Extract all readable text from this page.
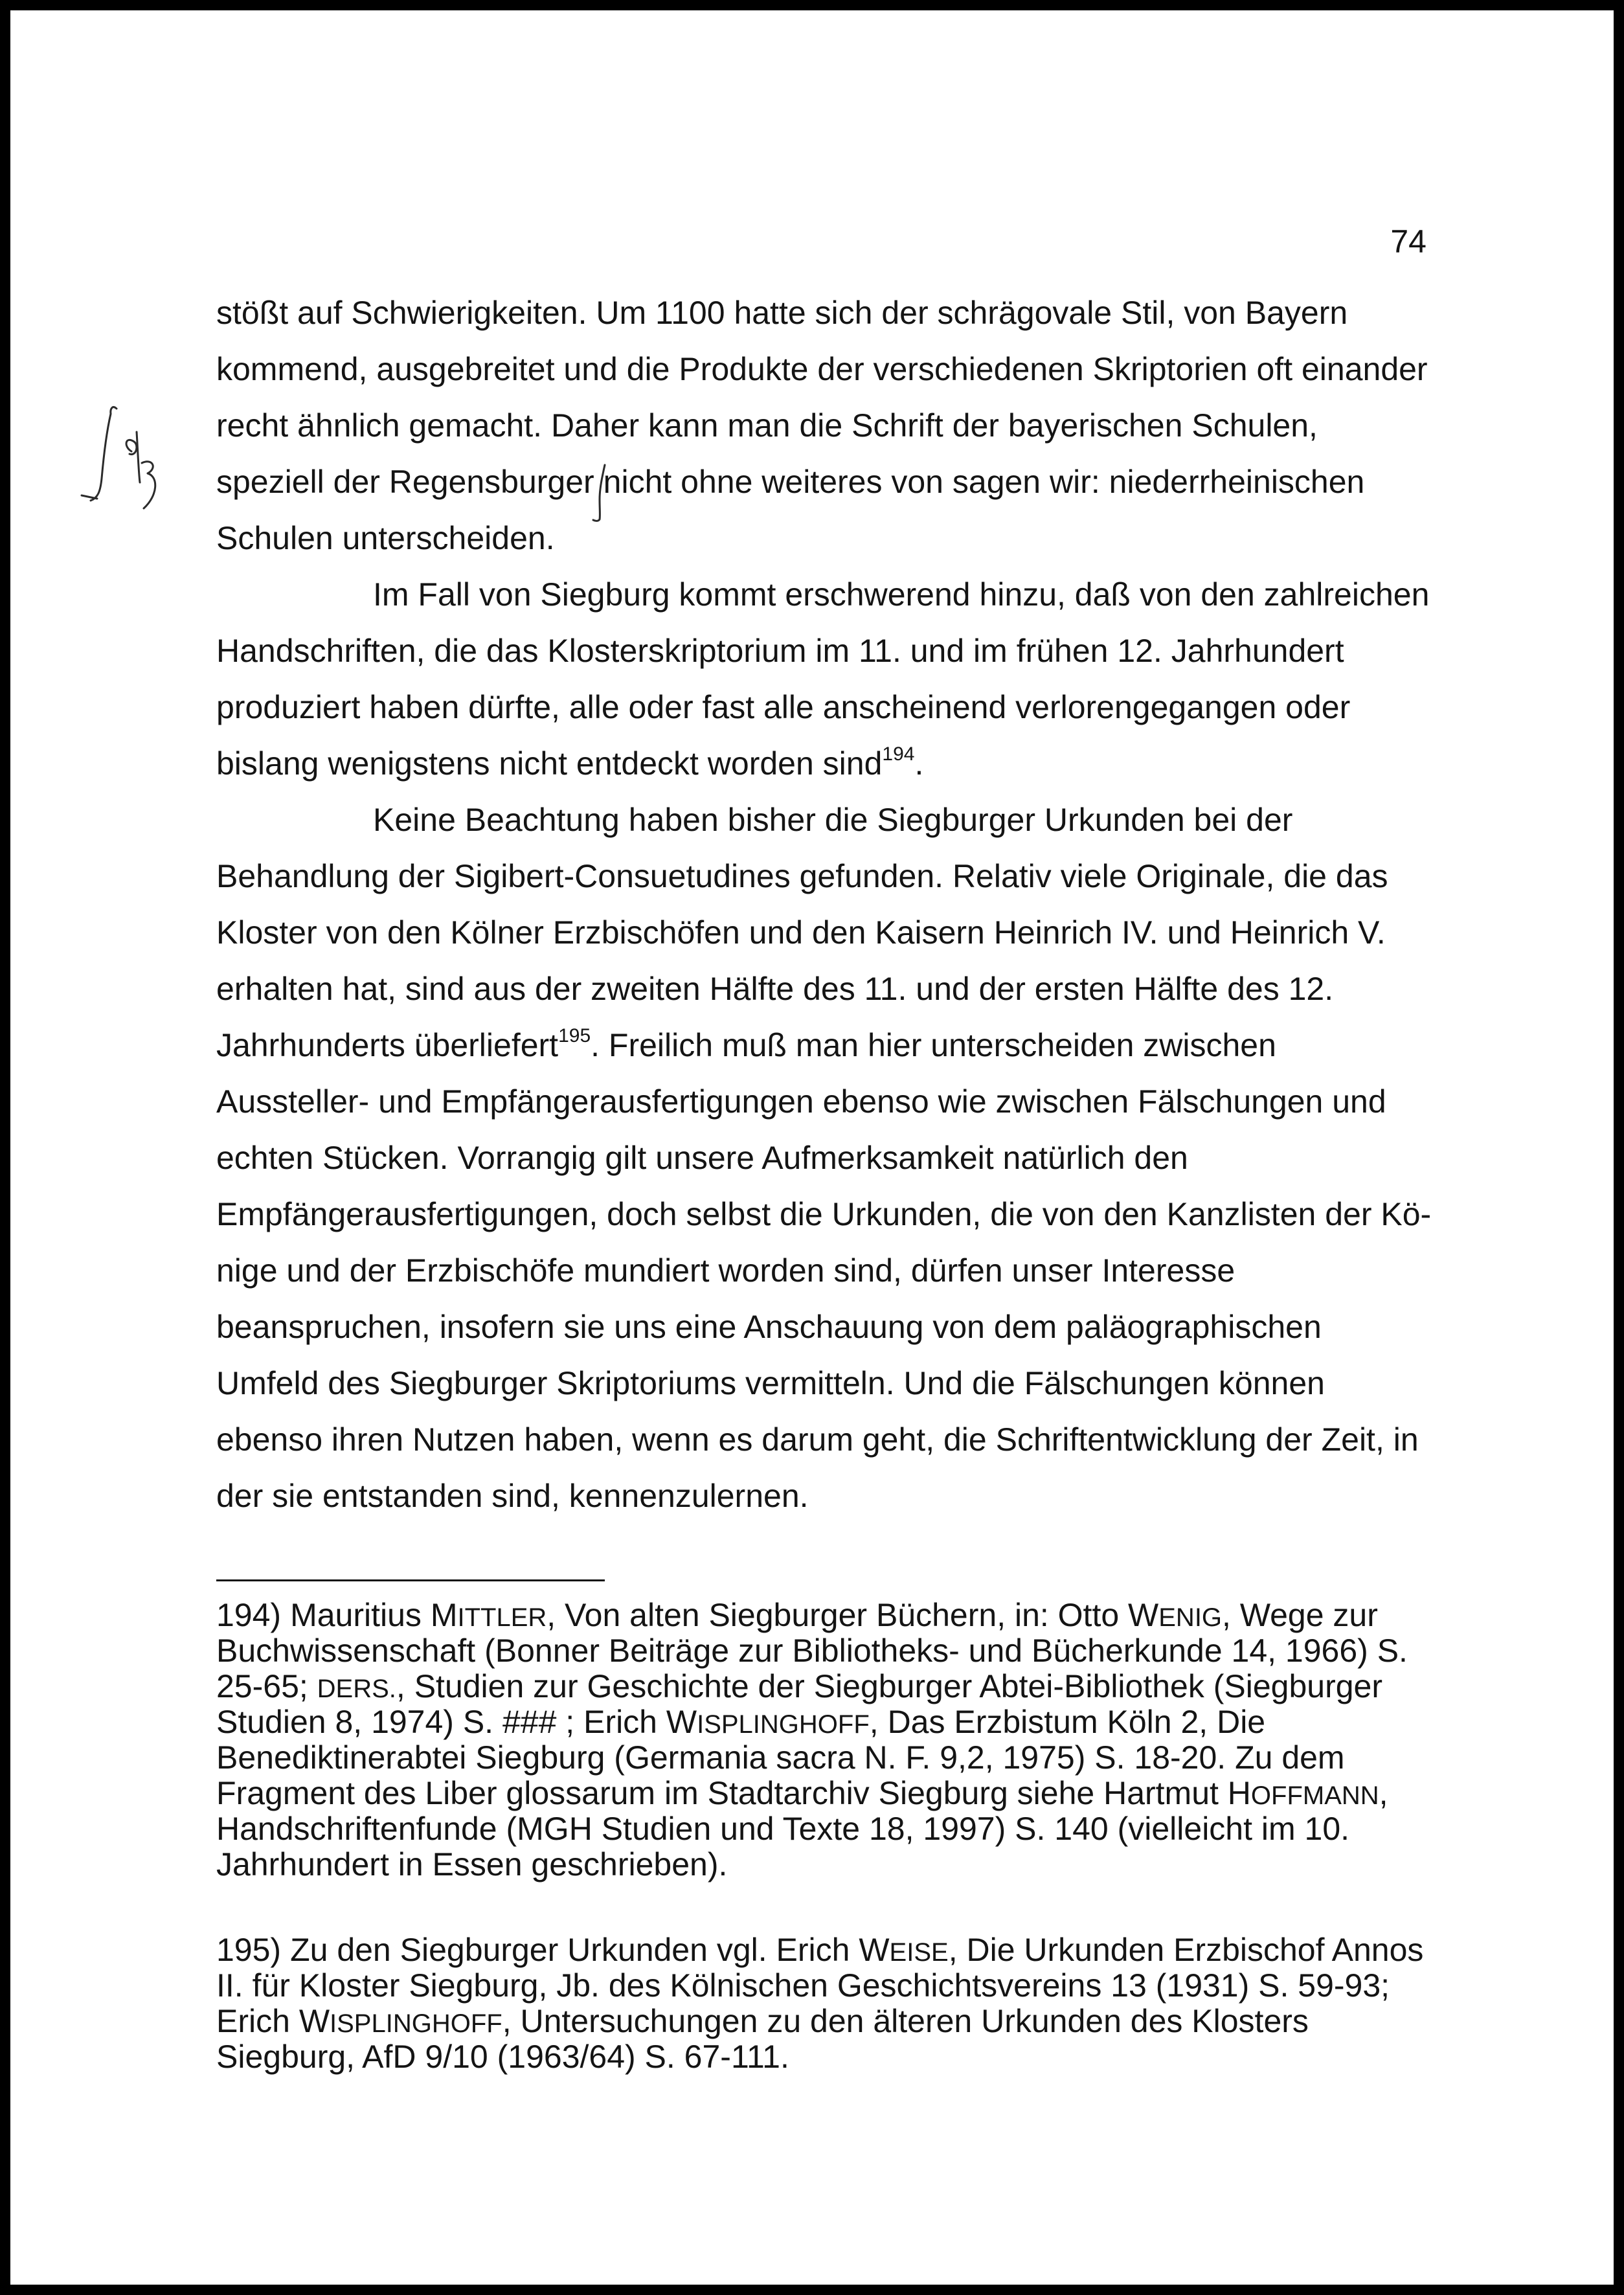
74
stößt auf Schwierigkeiten. Um 1100 hatte sich der schrägovale Stil, von Bayern
kommend, ausgebreitet und die Produkte der verschiedenen Skriptorien oft einander
recht ähnlich gemacht. Daher kann man die Schrift der bayerischen Schulen,
speziell der Regensburger nicht ohne weiteres von sagen wir: niederrheinischen
Schulen unterscheiden.
Im Fall von Siegburg kommt erschwerend hinzu, daß von den zahlreichen
Handschriften, die das Klosterskriptorium im 11. und im frühen 12. Jahrhundert
produziert haben dürfte, alle oder fast alle anscheinend verlorengegangen oder
bislang wenigstens nicht entdeckt worden sind$^{194}$.
Keine Beachtung haben bisher die Siegburger Urkunden bei der
Behandlung der Sigibert-Consuetudines gefunden. Relativ viele Originale, die das
Kloster von den Kölner Erzbischöfen und den Kaisern Heinrich IV. und Heinrich V.
erhalten hat, sind aus der zweiten Hälfte des 11. und der ersten Hälfte des 12.
Jahrhunderts überliefert$^{195}$. Freilich muß man hier unterscheiden zwischen
Aussteller- und Empfängerausfertigungen ebenso wie zwischen Fälschungen und
echten Stücken. Vorrangig gilt unsere Aufmerksamkeit natürlich den
Empfängerausfertigungen, doch selbst die Urkunden, die von den Kanzlisten der Kö-
nige und der Erzbischöfe mundiert worden sind, dürfen unser Interesse
beanspruchen, insofern sie uns eine Anschauung von dem paläographischen
Umfeld des Siegburger Skriptoriums vermitteln. Und die Fälschungen können
ebenso ihren Nutzen haben, wenn es darum geht, die Schriftentwicklung der Zeit, in
der sie entstanden sind, kennenzulernen.
194) Mauritius MITTLER, Von alten Siegburger Büchern, in: Otto WENIG, Wege zur
Buchwissenschaft (Bonner Beiträge zur Bibliotheks- und Bücherkunde 14, 1966) S.
25-65; DERS., Studien zur Geschichte der Siegburger Abtei-Bibliothek (Siegburger
Studien 8, 1974) S. ### ; Erich WISPLINGHOFF, Das Erzbistum Köln 2, Die
Benediktinerabtei Siegburg (Germania sacra N. F. 9,2, 1975) S. 18-20. Zu dem
Fragment des Liber glossarum im Stadtarchiv Siegburg siehe Hartmut HOFFMANN,
Handschriftenfunde (MGH Studien und Texte 18, 1997) S. 140 (vielleicht im 10.
Jahrhundert in Essen geschrieben).
195) Zu den Siegburger Urkunden vgl. Erich WEISE, Die Urkunden Erzbischof Annos
II. für Kloster Siegburg, Jb. des Kölnischen Geschichtsvereins 13 (1931) S. 59-93;
Erich WISPLINGHOFF, Untersuchungen zu den älteren Urkunden des Klosters
Siegburg, AfD 9/10 (1963/64) S. 67-111.
